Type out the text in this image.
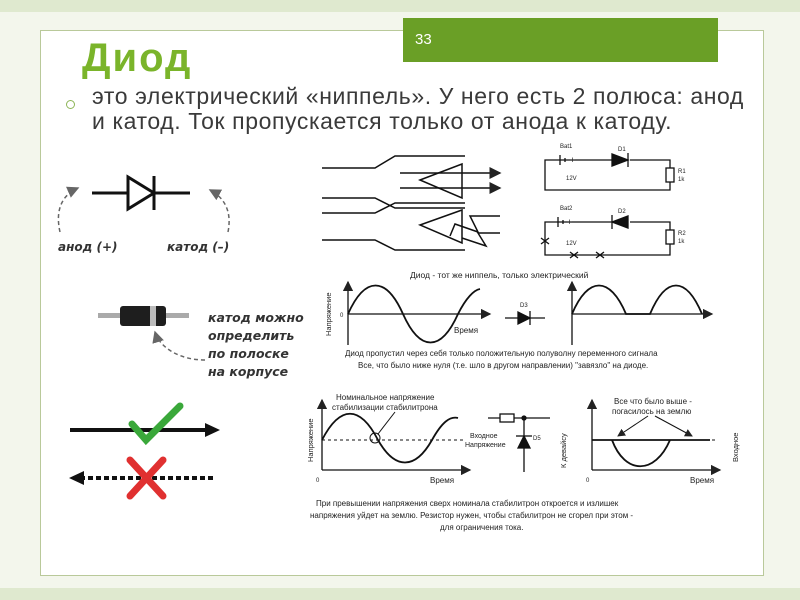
33
Диод
это электрический «ниппель». У него есть 2 полюса: анод и катод. Ток пропускается только от анода к катоду.
анод (+)	катод (–)
катод можно
определить
по полоске
на корпусе
Bat1
+
D1
R1
1k
12V
Bat2
+
D2
R2
1k
12V
Диод - тот же ниппель, только электрический
Напряжение 0
Время
D3
Диод пропустил через себя только положительную полуволну переменного сигнала
Все, что было ниже нуля (т.е. шло в другом направлении) "завязло" на диоде.
Номинальное напряжение
стабилизации стабилитрона
Напряжение
0	Время
Входное
Напряжение
D5 К девайсу
Все что было выше -
погасилось на землю
0	Время
Входное
При превышении напряжения сверх номинала стабилитрон откроется и излишек
напряжения уйдет на землю. Резистор нужен, чтобы стабилитрон не сгорел при этом -
для ограничения тока.
